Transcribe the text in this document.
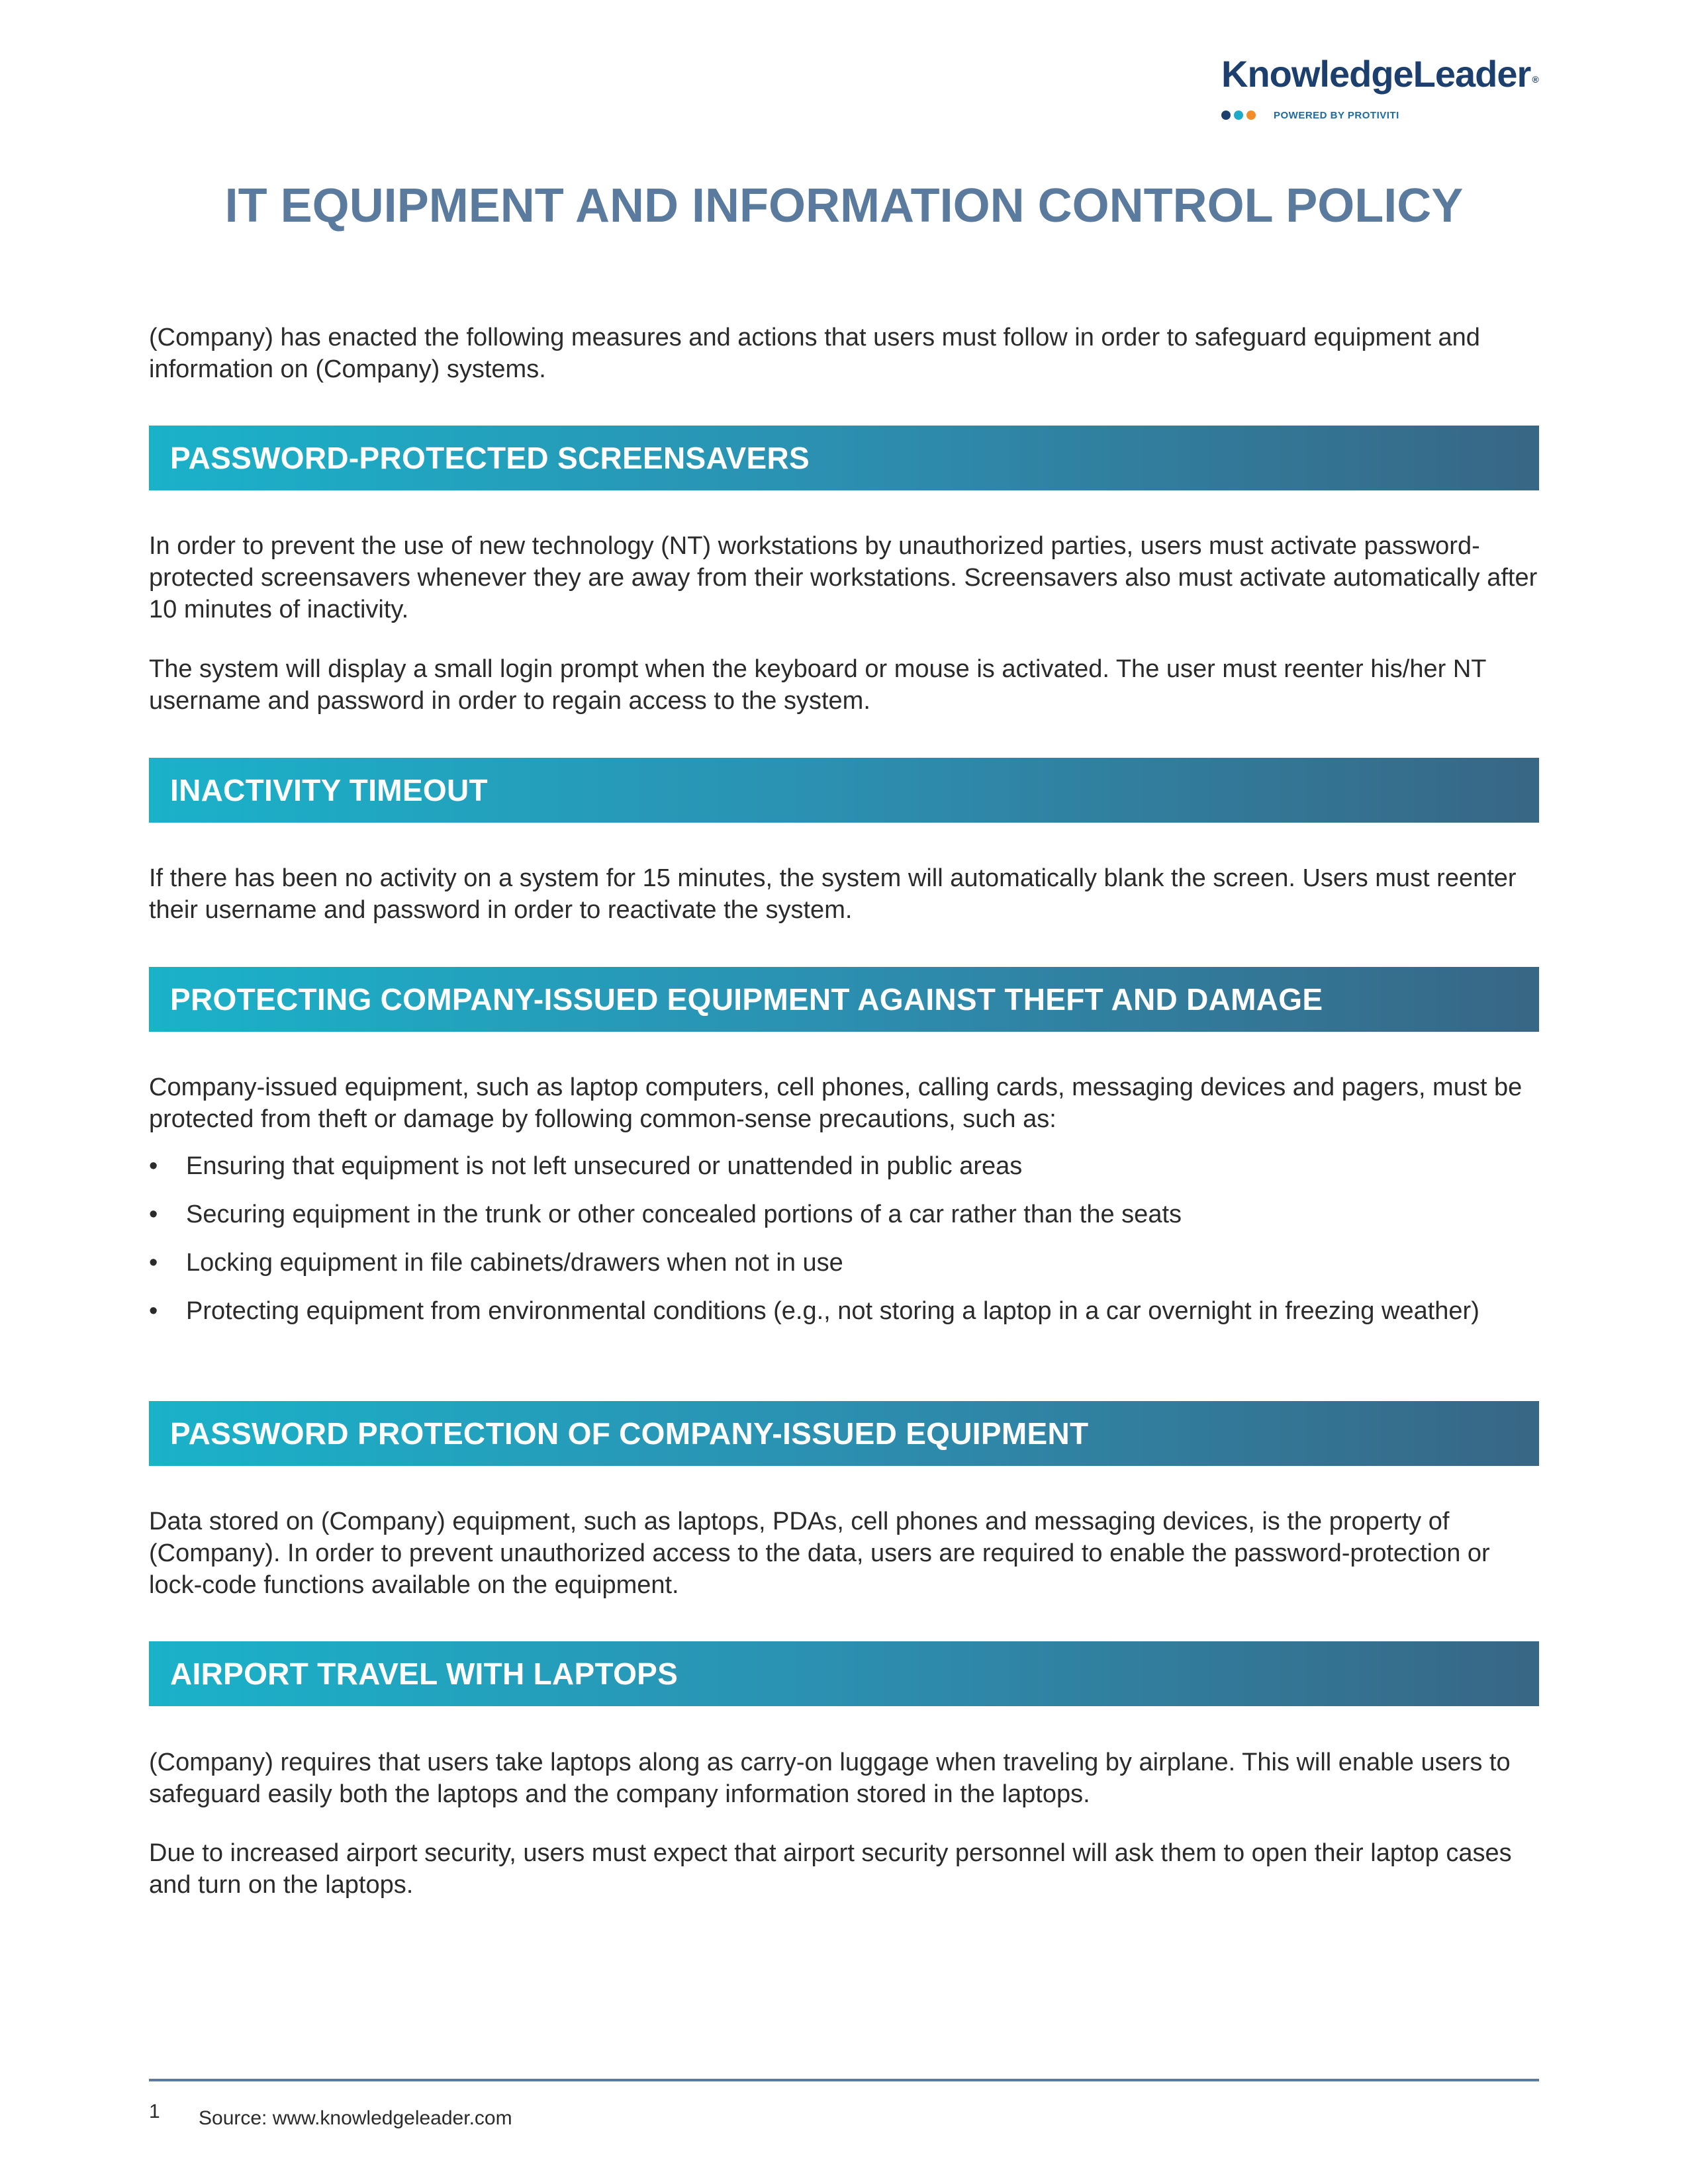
KnowledgeLeader ®
POWERED BY PROTIVITI
IT EQUIPMENT AND INFORMATION CONTROL POLICY

(Company) has enacted the following measures and actions that users must follow in order to safeguard equipment and information on (Company) systems.

PASSWORD-PROTECTED SCREENSAVERS

In order to prevent the use of new technology (NT) workstations by unauthorized parties, users must activate password-protected screensavers whenever they are away from their workstations. Screensavers also must activate automatically after 10 minutes of inactivity.

The system will display a small login prompt when the keyboard or mouse is activated. The user must reenter his/her NT username and password in order to regain access to the system.

INACTIVITY TIMEOUT

If there has been no activity on a system for 15 minutes, the system will automatically blank the screen. Users must reenter their username and password in order to reactivate the system.

PROTECTING COMPANY-ISSUED EQUIPMENT AGAINST THEFT AND DAMAGE

Company-issued equipment, such as laptop computers, cell phones, calling cards, messaging devices and pagers, must be protected from theft or damage by following common-sense precautions, such as:

• Ensuring that equipment is not left unsecured or unattended in public areas
• Securing equipment in the trunk or other concealed portions of a car rather than the seats
• Locking equipment in file cabinets/drawers when not in use
• Protecting equipment from environmental conditions (e.g., not storing a laptop in a car overnight in freezing weather)
PASSWORD PROTECTION OF COMPANY-ISSUED EQUIPMENT

Data stored on (Company) equipment, such as laptops, PDAs, cell phones and messaging devices, is the property of (Company). In order to prevent unauthorized access to the data, users are required to enable the password-protection or lock-code functions available on the equipment.

AIRPORT TRAVEL WITH LAPTOPS

(Company) requires that users take laptops along as carry-on luggage when traveling by airplane. This will enable users to safeguard easily both the laptops and the company information stored in the laptops.

Due to increased airport security, users must expect that airport security personnel will ask them to open their laptop cases and turn on the laptops.

1 Source: www.knowledgeleader.com
